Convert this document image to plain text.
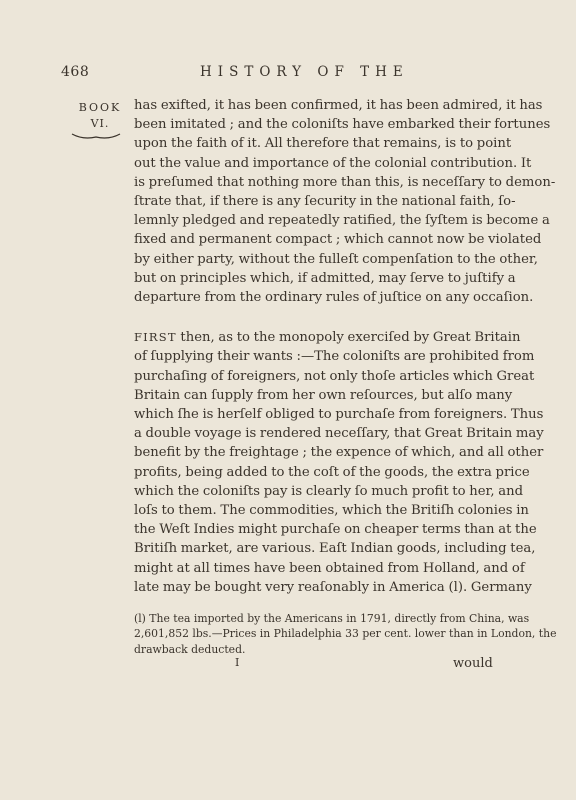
468	HISTORY OF THE
BOOK
VI.

has exifted, it has been confirmed, it has been admired, it has
been imitated ; and the coloniſts have embarked their fortunes
upon the faith of it. All therefore that remains, is to point
out the value and importance of the colonial contribution. It
is preſumed that nothing more than this, is neceſſary to demon-
ſtrate that, if there is any ſecurity in the national faith, ſo-
lemnly pledged and repeatedly ratified, the ſyſtem is become a
fixed and permanent compact ; which cannot now be violated
by either party, without the fulleſt compenſation to the other,
but on principles which, if admitted, may ſerve to juſtify a
departure from the ordinary rules of juſtice on any occaſion.

FIRST then, as to the monopoly exerciſed by Great Britain
of ſupplying their wants :—The coloniſts are prohibited from
purchaſing of foreigners, not only thoſe articles which Great
Britain can ſupply from her own reſources, but alſo many
which ſhe is herſelf obliged to purchaſe from foreigners. Thus
a double voyage is rendered neceſſary, that Great Britain may
benefit by the freightage ; the expence of which, and all other
profits, being added to the coſt of the goods, the extra price
which the coloniſts pay is clearly ſo much profit to her, and
loſs to them. The commodities, which the Britiſh colonies in
the Weſt Indies might purchaſe on cheaper terms than at the
Britiſh market, are various. Eaſt Indian goods, including tea,
might at all times have been obtained from Holland, and of
late may be bought very reaſonably in America (l). Germany

(l) The tea imported by the Americans in 1791, directly from China, was
2,601,852 lbs.—Prices in Philadelphia 33 per cent. lower than in London, the
drawback deducted.
I	would
